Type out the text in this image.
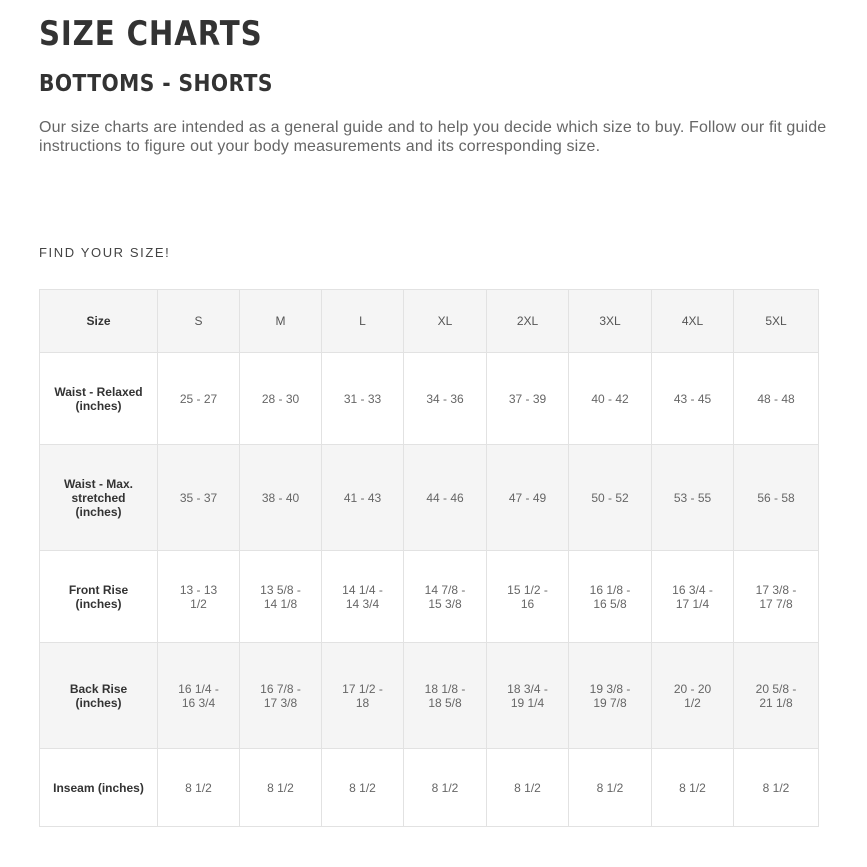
SIZE CHARTS
BOTTOMS - SHORTS

Our size charts are intended as a general guide and to help you decide which size to buy. Follow our fit guide instructions to figure out your body measurements and its corresponding size.

FIND YOUR SIZE!
Size	S	M	L	XL	2XL	3XL	4XL	5XL
Waist - Relaxed (inches)	25 - 27	28 - 30	31 - 33	34 - 36	37 - 39	40 - 42	43 - 45	48 - 48
Waist - Max. stretched (inches)	35 - 37	38 - 40	41 - 43	44 - 46	47 - 49	50 - 52	53 - 55	56 - 58
Front Rise (inches)	13 - 13 1/2	13 5/8 - 14 1/8	14 1/4 - 14 3/4	14 7/8 - 15 3/8	15 1/2 - 16	16 1/8 - 16 5/8	16 3/4 - 17 1/4	17 3/8 - 17 7/8
Back Rise (inches)	16 1/4 - 16 3/4	16 7/8 - 17 3/8	17 1/2 - 18	18 1/8 - 18 5/8	18 3/4 - 19 1/4	19 3/8 - 19 7/8	20 - 20 1/2	20 5/8 - 21 1/8
Inseam (inches)	8 1/2	8 1/2	8 1/2	8 1/2	8 1/2	8 1/2	8 1/2	8 1/2
